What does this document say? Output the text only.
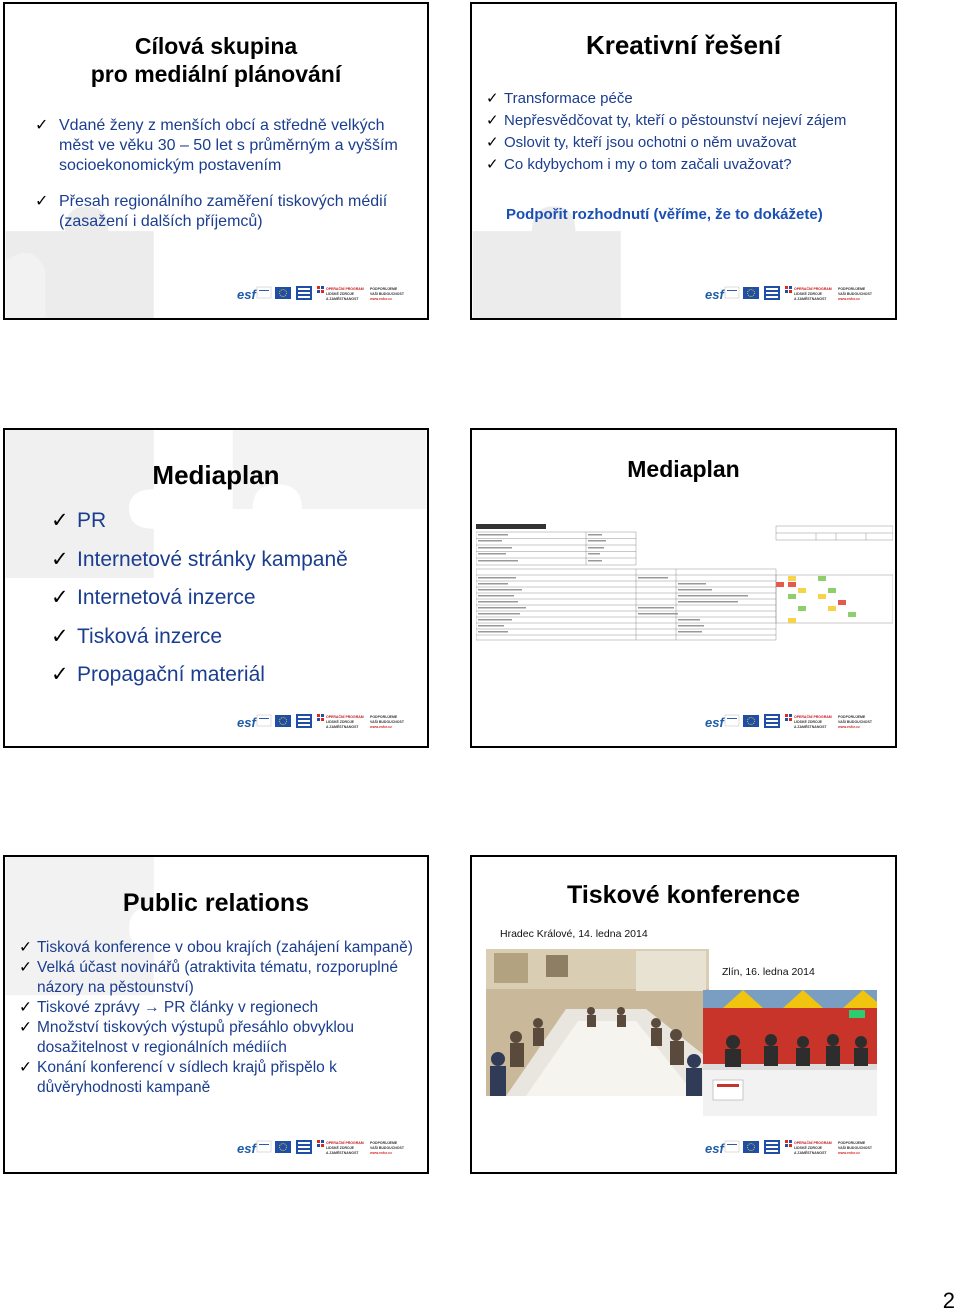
Cílová skupina
pro mediální plánování
✓ Vdané ženy z menších obcí a středně velkých měst ve věku 30 – 50 let s průměrným a vyšším socioekonomickým postavením
✓ Přesah regionálního zaměření tiskových médií (zasažení i dalších příjemců)
esf	OPERAČNÍ PROGRAM
LIDSKÉ ZDROJE
A ZAMĚSTNANOST
PODPORUJEME
VAŠI BUDOUCNOST
www.esfcr.cz
Kreativní řešení
✓ Transformace péče
✓ Nepřesvědčovat ty, kteří o pěstounství nejeví zájem
✓ Oslovit ty, kteří jsou ochotni o něm uvažovat
✓ Co kdybychom i my o tom začali uvažovat?
Podpořit rozhodnutí (věříme, že to dokážete)
esf	OPERAČNÍ PROGRAM
LIDSKÉ ZDROJE
A ZAMĚSTNANOST
PODPORUJEME
VAŠI BUDOUCNOST
www.esfcr.cz
Mediaplan
✓ PR
✓ Internetové stránky kampaně
✓ Internetová inzerce
✓ Tisková inzerce
✓ Propagační materiál
esf	OPERAČNÍ PROGRAM
LIDSKÉ ZDROJE
A ZAMĚSTNANOST
PODPORUJEME
VAŠI BUDOUCNOST
www.esfcr.cz
Mediaplan
esf	OPERAČNÍ PROGRAM
LIDSKÉ ZDROJE
A ZAMĚSTNANOST
PODPORUJEME
VAŠI BUDOUCNOST
www.esfcr.cz
Public relations
✓ Tisková konference v obou krajích (zahájení kampaně)
✓ Velká účast novinářů (atraktivita tématu, rozporuplné názory na pěstounství)
✓ Tiskové zprávy → PR články v regionech
✓ Množství tiskových výstupů přesáhlo obvyklou dosažitelnost v regionálních médiích
✓ Konání konferencí v sídlech krajů přispělo k důvěryhodnosti kampaně
esf	OPERAČNÍ PROGRAM
LIDSKÉ ZDROJE
A ZAMĚSTNANOST
PODPORUJEME
VAŠI BUDOUCNOST
www.esfcr.cz
Tiskové konference
Hradec Králové, 14. ledna 2014
Zlín, 16. ledna 2014
esf	OPERAČNÍ PROGRAM
LIDSKÉ ZDROJE
A ZAMĚSTNANOST
PODPORUJEME
VAŠI BUDOUCNOST
www.esfcr.cz
2
